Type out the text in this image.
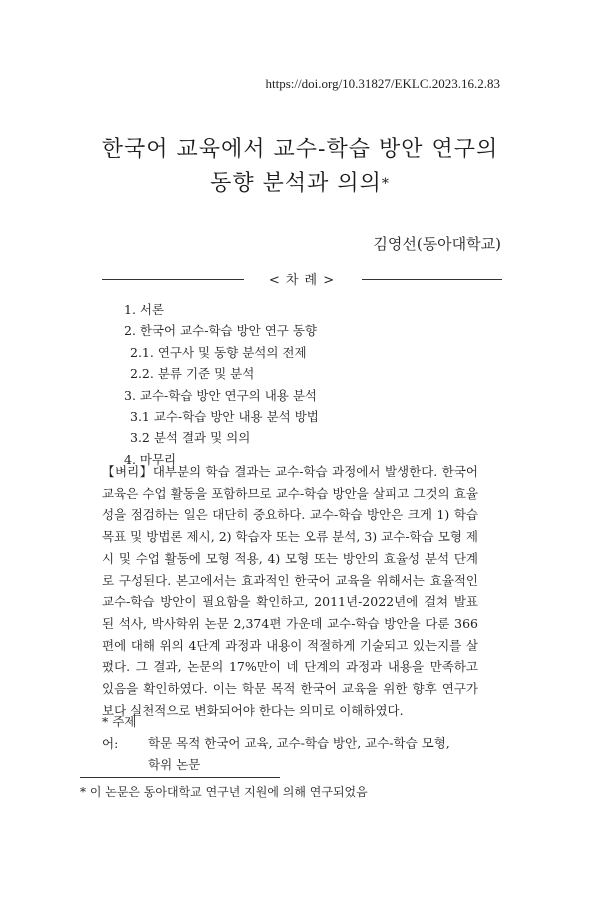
https://doi.org/10.31827/EKLC.2023.16.2.83
한국어 교육에서 교수-학습 방안 연구의
동향 분석과 의의*
김영선(동아대학교)
< 차 례 >
1. 서론
2. 한국어 교수-학습 방안 연구 동향
2.1. 연구사 및 동향 분석의 전제
2.2. 분류 기준 및 분석
3. 교수-학습 방안 연구의 내용 분석
3.1 교수-학습 방안 내용 분석 방법
3.2 분석 결과 및 의의
4. 마무리
【벼리】대부분의 학습 결과는 교수-학습 과정에서 발생한다. 한국어 교육은 수업 활동을 포함하므로 교수-학습 방안을 살피고 그것의 효율성을 점검하는 일은 대단히 중요하다. 교수-학습 방안은 크게 1) 학습 목표 및 방법론 제시, 2) 학습자 또는 오류 분석, 3) 교수-학습 모형 제시 및 수업 활동에 모형 적용, 4) 모형 또는 방안의 효율성 분석 단계로 구성된다. 본고에서는 효과적인 한국어 교육을 위해서는 효율적인 교수-학습 방안이 필요함을 확인하고, 2011년-2022년에 걸쳐 발표된 석사, 박사학위 논문 2,374편 가운데 교수-학습 방안을 다룬 366편에 대해 위의 4단계 과정과 내용이 적절하게 기술되고 있는지를 살폈다. 그 결과, 논문의 17%만이 네 단계의 과정과 내용을 만족하고 있음을 확인하였다. 이는 학문 목적 한국어 교육을 위한 향후 연구가 보다 실천적으로 변화되어야 한다는 의미로 이해하였다.
* 주제어: 학문 목적 한국어 교육, 교수-학습 방안, 교수-학습 모형,
학위 논문
* 이 논문은 동아대학교 연구년 지원에 의해 연구되었음
